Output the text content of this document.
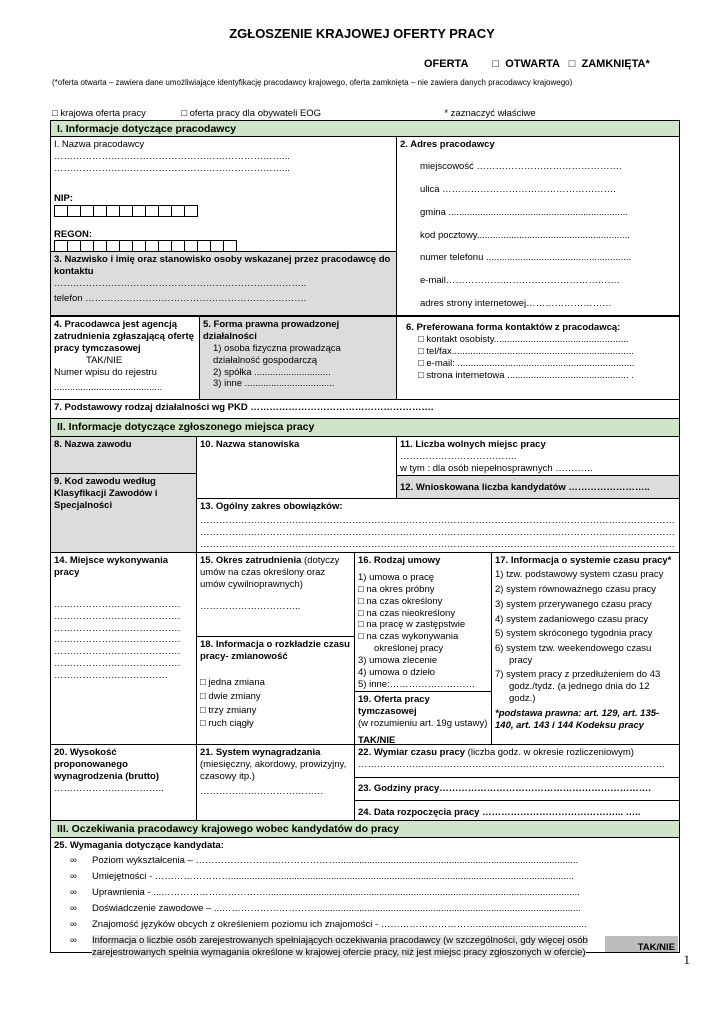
ZGŁOSZENIE KRAJOWEJ OFERTY PRACY
OFERTA        □  OTWARTA   □  ZAMKNIĘTA*
(*oferta otwarta – zawiera dane umożliwiające identyfikację pracodawcy krajowego, oferta zamknięta – nie zawiera danych pracodawcy krajowego)
□ krajowa oferta pracy	□ oferta pracy dla obywateli EOG	* zaznaczyć właściwe
I. Informacje dotyczące pracodawcy
I. Nazwa pracodawcy
………………………………………………………………...
………………………………………………………………...
NIP:
REGON:
2. Adres pracodawcy

miejscowość ……………………………………….

ulica ……………………………………………….

gmina ....................................................................

kod pocztowy..........................................................

numer telefonu .......................................................

e-mail……………………………………………….

adres strony internetowej………………………

3. Nazwisko i imię oraz stanowisko osoby wskazanej przez pracodawcę do kontaktu
……………………………………………………………………..
telefon …………………………………………………………….
4. Pracodawca jest agencją zatrudnienia zgłaszającą ofertę pracy tymczasowej
TAK/NIE
Numer wpisu do rejestru
.........................................
5. Forma prawna prowadzonej działalności
1) osoba fizyczna prowadząca
działalność gospodarczą
2) spółka .............................
3) inne ..................................
6. Preferowana forma kontaktów z pracodawcą:
□ kontakt osobisty...................................................
□ tel/fax.....................................................................
□ e-mail: ...................................................................
□ strona internetowa .............................................. .
7. Podstawowy rodzaj działalności wg PKD ………………………………………………….
II. Informacje dotyczące zgłoszonego miejsca pracy
8. Nazwa zawodu
9. Kod zawodu według Klasyfikacji Zawodów i Specjalności
10. Nazwa stanowiska	11. Liczba wolnych miejsc pracy
……………………………….
w tym : dla osób niepełnosprawnych …………
12. Wnioskowana liczba kandydatów ……………………..
13. Ogólny zakres obowiązków:
……………………………………………………………………………………………………………………………………
……………………………………………………………………………………………………………………………………
……………………………………………………………………………………………………………………………………
14. Miejsce wykonywania pracy
………………………………….
………………………………….
………………………………….
………………………………….
………………………………….
………………………………….
………………………………
15. Okres zatrudnienia (dotyczy umów na czas określony oraz umów cywilnoprawnych)
…………………………..
18. Informacja o rozkładzie czasu pracy- zmianowość

□ jedna zmiana

□ dwie zmiany

□ trzy zmiany

□ ruch ciągły

16. Rodzaj umowy

1) umowa o pracę

□ na okres próbny

□ na czas określony

□ na czas nieokreślony

□ na pracę w zastępstwie

□ na czas wykonywania

określonej pracy

3) umowa zlecenie

4) umowa o dzieło

5) inne:………………………

19. Oferta pracy tymczasowej
(w rozumieniu art. 19g ustawy)
TAK/NIE
17. Informacja o systemie czasu pracy*

1) tzw. podstawowy system czasu pracy

2) system równoważnego czasu pracy

3) system przerywanego czasu pracy

4) system zadaniowego czasu pracy

5) system skróconego tygodnia pracy

6) system tzw. weekendowego czasu

pracy

7) system pracy z przedłużeniem do 43

godz./tydz. (a jednego dnia do 12

godz.)

*podstawa prawna: art. 129, art. 135-140, art. 143 i 144 Kodeksu pracy

20. Wysokość proponowanego wynagrodzenia (brutto)
……………………………..
21. System wynagradzania
(miesięczny, akordowy, prowizyjny, czasowy itp.)
…………………………………
22. Wymiar czasu pracy (liczba godz. w okresie rozliczeniowym)
…………………………………………………………………………………….
23. Godziny pracy………………………………………………………….
24. Data rozpoczęcia pracy ……………………………………... …..
III. Oczekiwania pracodawcy krajowego wobec kandydatów do pracy
25. Wymagania dotyczące kandydata:
∞ Poziom wykształcenia – ………………………………………...........................................................................................
∞ Umiejętności - ……………………..................................................................................................................................
∞ Uprawnienia - ...…………………………….......................................................................................................................
∞ Doświadczenie zawodowe – ...…………………………....................................................................................................
∞ Znajomość języków obcych z określeniem poziomu ich znajomości - …………………………..........................................
∞ Informacja o liczbie osób zarejestrowanych spełniających oczekiwania pracodawcy (w szczególności, gdy więcej osób
zarejestrowanych spełnia wymagania określone w krajowej ofercie pracy, niż jest miejsc pracy zgłoszonych w ofercie)	TAK/NIE
1
